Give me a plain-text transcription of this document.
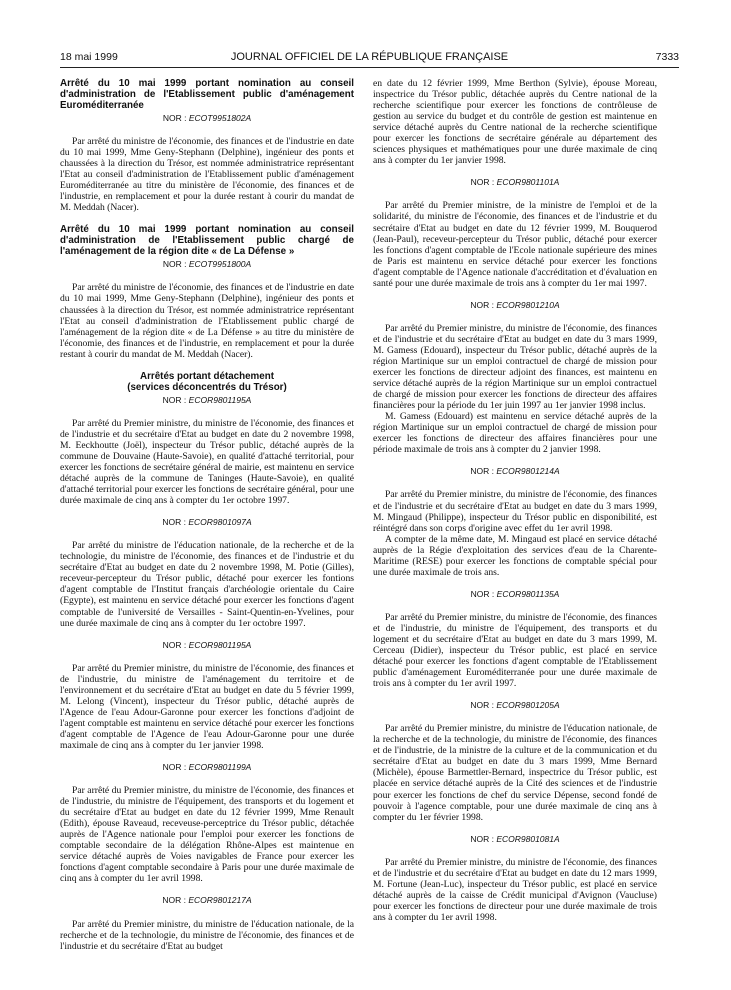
18 mai 1999	JOURNAL OFFICIEL DE LA RÉPUBLIQUE FRANÇAISE	7333
Arrêté du 10 mai 1999 portant nomination au conseil d'administration de l'Etablissement public d'aménagement Euroméditerranée
NOR : ECOT9951802A

Par arrêté du ministre de l'économie, des finances et de l'industrie en date du 10 mai 1999, Mme Geny-Stephann (Delphine), ingénieur des ponts et chaussées à la direction du Trésor, est nommée administratrice représentant l'Etat au conseil d'administration de l'Etablissement public d'aménagement Euroméditerranée au titre du ministère de l'économie, des finances et de l'industrie, en remplacement et pour la durée restant à courir du mandat de M. Meddah (Nacer).

Arrêté du 10 mai 1999 portant nomination au conseil d'administration de l'Etablissement public chargé de l'aménagement de la région dite « de La Défense »
NOR : ECOT9951800A

Par arrêté du ministre de l'économie, des finances et de l'industrie en date du 10 mai 1999, Mme Geny-Stephann (Delphine), ingénieur des ponts et chaussées à la direction du Trésor, est nommée administratrice représentant l'Etat au conseil d'administration de l'Etablissement public chargé de l'aménagement de la région dite « de La Défense » au titre du ministère de l'économie, des finances et de l'industrie, en remplacement et pour la durée restant à courir du mandat de M. Meddah (Nacer).

Arrêtés portant détachement
(services déconcentrés du Trésor)
NOR : ECOR9801195A

Par arrêté du Premier ministre, du ministre de l'économie, des finances et de l'industrie et du secrétaire d'Etat au budget en date du 2 novembre 1998, M. Eeckhoutte (Joël), inspecteur du Trésor public, détaché auprès de la commune de Douvaine (Haute-Savoie), en qualité d'attaché territorial, pour exercer les fonctions de secrétaire général de mairie, est maintenu en service détaché auprès de la commune de Taninges (Haute-Savoie), en qualité d'attaché territorial pour exercer les fonctions de secrétaire général, pour une durée maximale de cinq ans à compter du 1er octobre 1997.

NOR : ECOR9801097A

Par arrêté du ministre de l'éducation nationale, de la recherche et de la technologie, du ministre de l'économie, des finances et de l'industrie et du secrétaire d'Etat au budget en date du 2 novembre 1998, M. Potie (Gilles), receveur-percepteur du Trésor public, détaché pour exercer les fontions d'agent comptable de l'Institut français d'archéologie orientale du Caire (Egypte), est maintenu en service détaché pour exercer les fonctions d'agent comptable de l'université de Versailles - Saint-Quentin-en-Yvelines, pour une durée maximale de cinq ans à compter du 1er octobre 1997.

NOR : ECOR9801195A

Par arrêté du Premier ministre, du ministre de l'économie, des finances et de l'industrie, du ministre de l'aménagement du territoire et de l'environnement et du secrétaire d'Etat au budget en date du 5 février 1999, M. Lelong (Vincent), inspecteur du Trésor public, détaché auprès de l'Agence de l'eau Adour-Garonne pour exercer les fonctions d'adjoint de l'agent comptable est maintenu en service détaché pour exercer les fonctions d'agent comptable de l'Agence de l'eau Adour-Garonne pour une durée maximale de cinq ans à compter du 1er janvier 1998.

NOR : ECOR9801199A

Par arrêté du Premier ministre, du ministre de l'économie, des finances et de l'industrie, du ministre de l'équipement, des transports et du logement et du secrétaire d'Etat au budget en date du 12 février 1999, Mme Renault (Edith), épouse Raveaud, receveuse-perceptrice du Trésor public, détachée auprès de l'Agence nationale pour l'emploi pour exercer les fonctions de comptable secondaire de la délégation Rhône-Alpes est maintenue en service détaché auprès de Voies navigables de France pour exercer les fonctions d'agent comptable secondaire à Paris pour une durée maximale de cinq ans à compter du 1er avril 1998.

NOR : ECOR9801217A

Par arrêté du Premier ministre, du ministre de l'éducation nationale, de la recherche et de la technologie, du ministre de l'économie, des finances et de l'industrie et du secrétaire d'Etat au budget

en date du 12 février 1999, Mme Berthon (Sylvie), épouse Moreau, inspectrice du Trésor public, détachée auprès du Centre national de la recherche scientifique pour exercer les fonctions de contrôleuse de gestion au service du budget et du contrôle de gestion est maintenue en service détaché auprès du Centre national de la recherche scientifique pour exercer les fonctions de secrétaire générale au département des sciences physiques et mathématiques pour une durée maximale de cinq ans à compter du 1er janvier 1998.

NOR : ECOR9801101A

Par arrêté du Premier ministre, de la ministre de l'emploi et de la solidarité, du ministre de l'économie, des finances et de l'industrie et du secrétaire d'Etat au budget en date du 12 février 1999, M. Bouquerod (Jean-Paul), receveur-percepteur du Trésor public, détaché pour exercer les fonctions d'agent comptable de l'Ecole nationale supérieure des mines de Paris est maintenu en service détaché pour exercer les fonctions d'agent comptable de l'Agence nationale d'accréditation et d'évaluation en santé pour une durée maximale de trois ans à compter du 1er mai 1997.

NOR : ECOR9801210A

Par arrêté du Premier ministre, du ministre de l'économie, des finances et de l'industrie et du secrétaire d'Etat au budget en date du 3 mars 1999, M. Gamess (Edouard), inspecteur du Trésor public, détaché auprès de la région Martinique sur un emploi contractuel de chargé de mission pour exercer les fonctions de directeur adjoint des finances, est maintenu en service détaché auprès de la région Martinique sur un emploi contractuel de chargé de mission pour exercer les fonctions de directeur des affaires financières pour la période du 1er juin 1997 au 1er janvier 1998 inclus.

M. Gamess (Edouard) est maintenu en service détaché auprès de la région Martinique sur un emploi contractuel de chargé de mission pour exercer les fonctions de directeur des affaires financières pour une période maximale de trois ans à compter du 2 janvier 1998.

NOR : ECOR9801214A

Par arrêté du Premier ministre, du ministre de l'économie, des finances et de l'industrie et du secrétaire d'Etat au budget en date du 3 mars 1999, M. Mingaud (Philippe), inspecteur du Trésor public en disponibilité, est réintégré dans son corps d'origine avec effet du 1er avril 1998.

A compter de la même date, M. Mingaud est placé en service détaché auprès de la Régie d'exploitation des services d'eau de la Charente-Maritime (RESE) pour exercer les fonctions de comptable spécial pour une durée maximale de trois ans.

NOR : ECOR9801135A

Par arrêté du Premier ministre, du ministre de l'économie, des finances et de l'industrie, du ministre de l'équipement, des transports et du logement et du secrétaire d'Etat au budget en date du 3 mars 1999, M. Cerceau (Didier), inspecteur du Trésor public, est placé en service détaché pour exercer les fonctions d'agent comptable de l'Etablissement public d'aménagement Euroméditerranée pour une durée maximale de trois ans à compter du 1er avril 1997.

NOR : ECOR9801205A

Par arrêté du Premier ministre, du ministre de l'éducation nationale, de la recherche et de la technologie, du ministre de l'économie, des finances et de l'industrie, de la ministre de la culture et de la communication et du secrétaire d'Etat au budget en date du 3 mars 1999, Mme Bernard (Michèle), épouse Barmettler-Bernard, inspectrice du Trésor public, est placée en service détaché auprès de la Cité des sciences et de l'industrie pour exercer les fonctions de chef du service Dépense, second fondé de pouvoir à l'agence comptable, pour une durée maximale de cinq ans à compter du 1er février 1998.

NOR : ECOR9801081A

Par arrêté du Premier ministre, du ministre de l'économie, des finances et de l'industrie et du secrétaire d'Etat au budget en date du 12 mars 1999, M. Fortune (Jean-Luc), inspecteur du Trésor public, est placé en service détaché auprès de la caisse de Crédit municipal d'Avignon (Vaucluse) pour exercer les fonctions de directeur pour une durée maximale de trois ans à compter du 1er avril 1998.
